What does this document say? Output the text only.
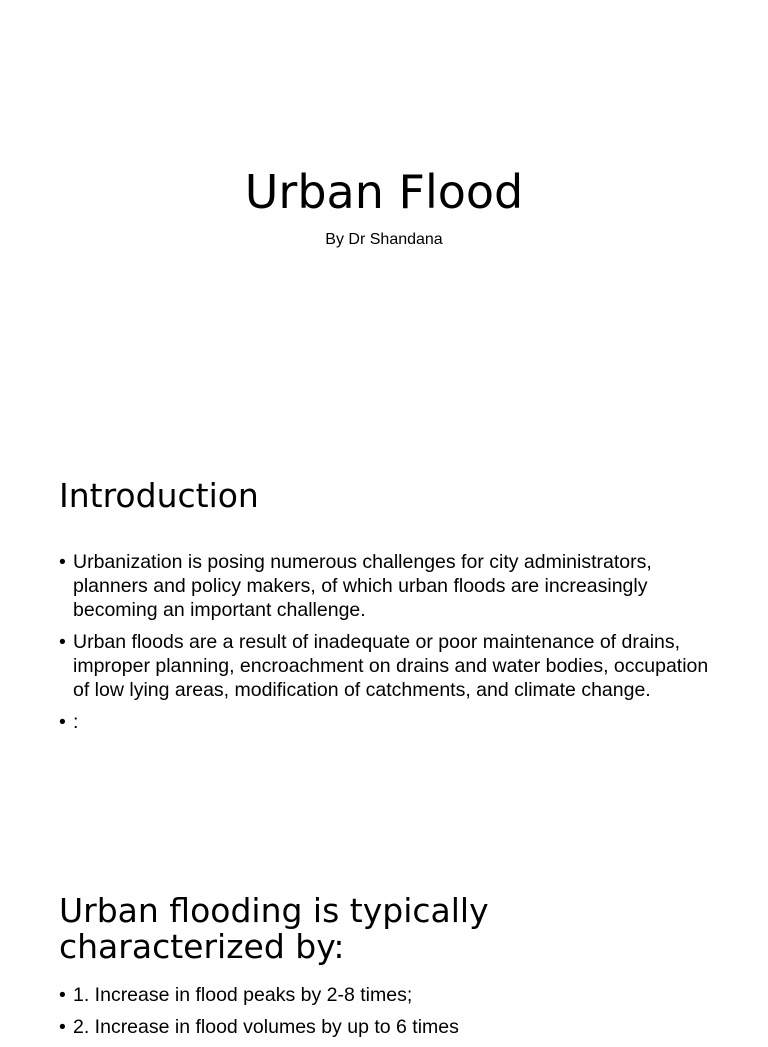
Urban Flood
By Dr Shandana
Introduction
• Urbanization is posing numerous challenges for city administrators, planners and policy makers, of which urban floods are increasingly becoming an important challenge.
• Urban floods are a result of inadequate or poor maintenance of drains, improper planning, encroachment on drains and water bodies, occupation of low lying areas, modification of catchments, and climate change.
• :
Urban flooding is typically characterized by:
• 1. Increase in flood peaks by 2-8 times;
• 2. Increase in flood volumes by up to 6 times
